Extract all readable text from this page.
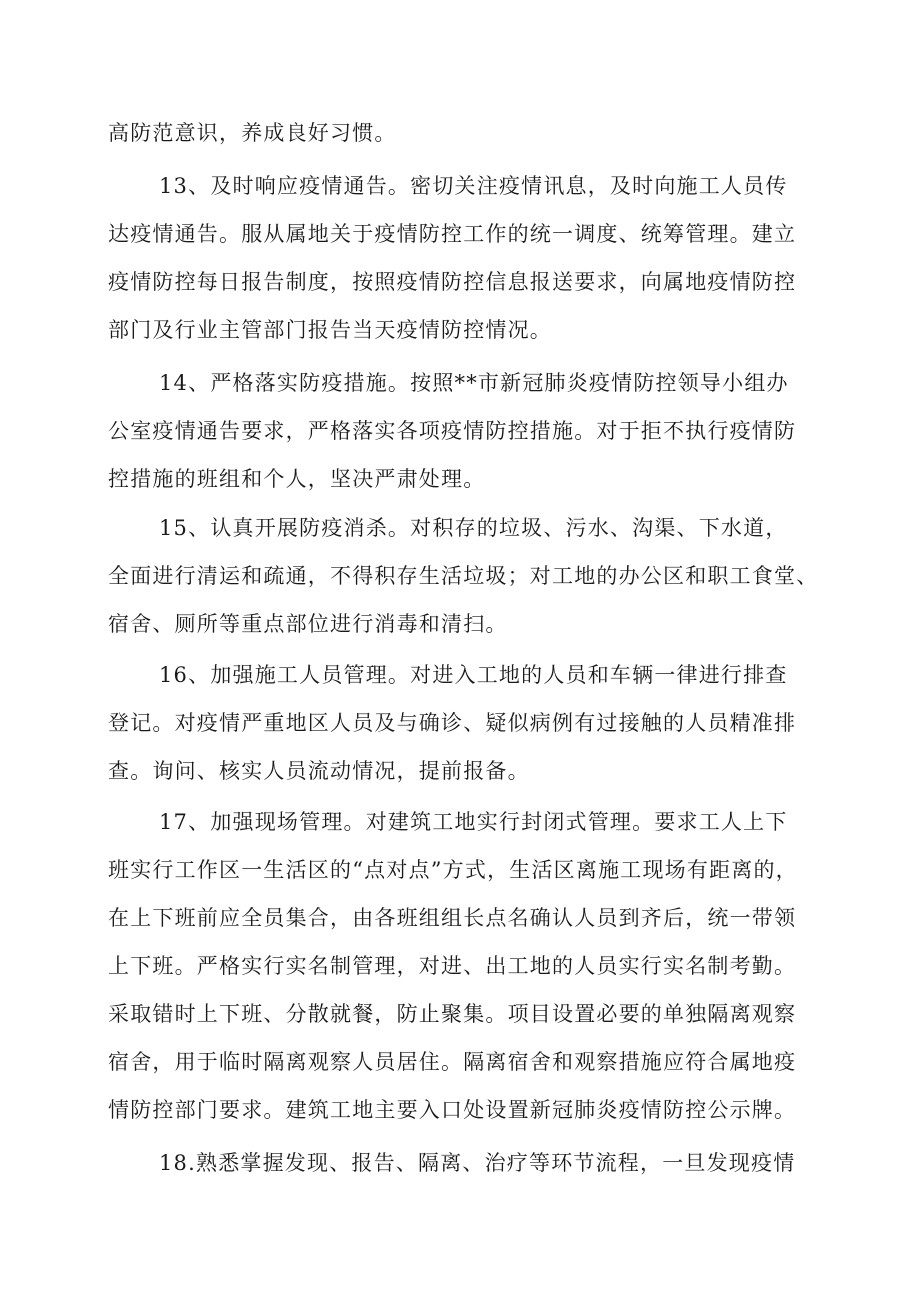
高防范意识，养成良好习惯。

13、及时响应疫情通告。密切关注疫情讯息，及时向施工人员传

达疫情通告。服从属地关于疫情防控工作的统一调度、统筹管理。建立

疫情防控每日报告制度，按照疫情防控信息报送要求，向属地疫情防控

部门及行业主管部门报告当天疫情防控情况。

14、严格落实防疫措施。按照**市新冠肺炎疫情防控领导小组办

公室疫情通告要求，严格落实各项疫情防控措施。对于拒不执行疫情防

控措施的班组和个人，坚决严肃处理。

15、认真开展防疫消杀。对积存的垃圾、污水、沟渠、下水道，

全面进行清运和疏通，不得积存生活垃圾；对工地的办公区和职工食堂、

宿舍、厕所等重点部位进行消毒和清扫。

16、加强施工人员管理。对进入工地的人员和车辆一律进行排查

登记。对疫情严重地区人员及与确诊、疑似病例有过接触的人员精准排

查。询问、核实人员流动情况，提前报备。

17、加强现场管理。对建筑工地实行封闭式管理。要求工人上下

班实行工作区一生活区的“点对点”方式，生活区离施工现场有距离的，

在上下班前应全员集合，由各班组组长点名确认人员到齐后，统一带领

上下班。严格实行实名制管理，对进、出工地的人员实行实名制考勤。

采取错时上下班、分散就餐，防止聚集。项目设置必要的单独隔离观察

宿舍，用于临时隔离观察人员居住。隔离宿舍和观察措施应符合属地疫

情防控部门要求。建筑工地主要入口处设置新冠肺炎疫情防控公示牌。

18.熟悉掌握发现、报告、隔离、治疗等环节流程，一旦发现疫情
